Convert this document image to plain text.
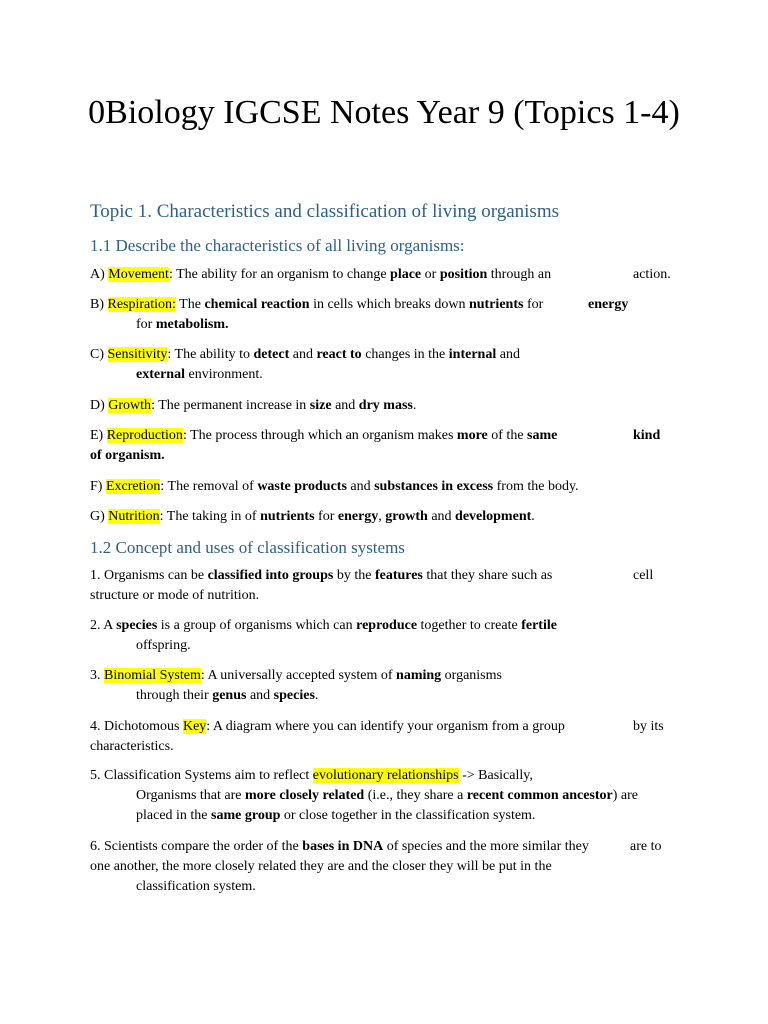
0Biology IGCSE Notes Year 9 (Topics 1-4)
Topic 1. Characteristics and classification of living organisms
1.1 Describe the characteristics of all living organisms:

A) Movement: The ability for an organism to change place or position through an	action.

B) Respiration: The chemical reaction in cells which breaks down nutrients for
for metabolism.

energy

C) Sensitivity: The ability to detect and react to changes in the internal and
external environment.

D) Growth: The permanent increase in size and dry mass.

E) Reproduction: The process through which an organism makes more of the same
of organism.

kind

F) Excretion: The removal of waste products and substances in excess from the body.

G) Nutrition: The taking in of nutrients for energy, growth and development.

1.2 Concept and uses of classification systems

1. Organisms can be classified into groups by the features that they share such as
structure or mode of nutrition.

cell

2. A species is a group of organisms which can reproduce together to create fertile
offspring.

3. Binomial System: A universally accepted system of naming organisms
through their genus and species.

4. Dichotomous Key: A diagram where you can identify your organism from a group
characteristics.

by its

5. Classification Systems aim to reflect evolutionary relationships -> Basically,
Organisms that are more closely related (i.e., they share a recent common ancestor) are
placed in the same group or close together in the classification system.

6. Scientists compare the order of the bases in DNA of species and the more similar they
one another, the more closely related they are and the closer they will be put in the
classification system.

are to
